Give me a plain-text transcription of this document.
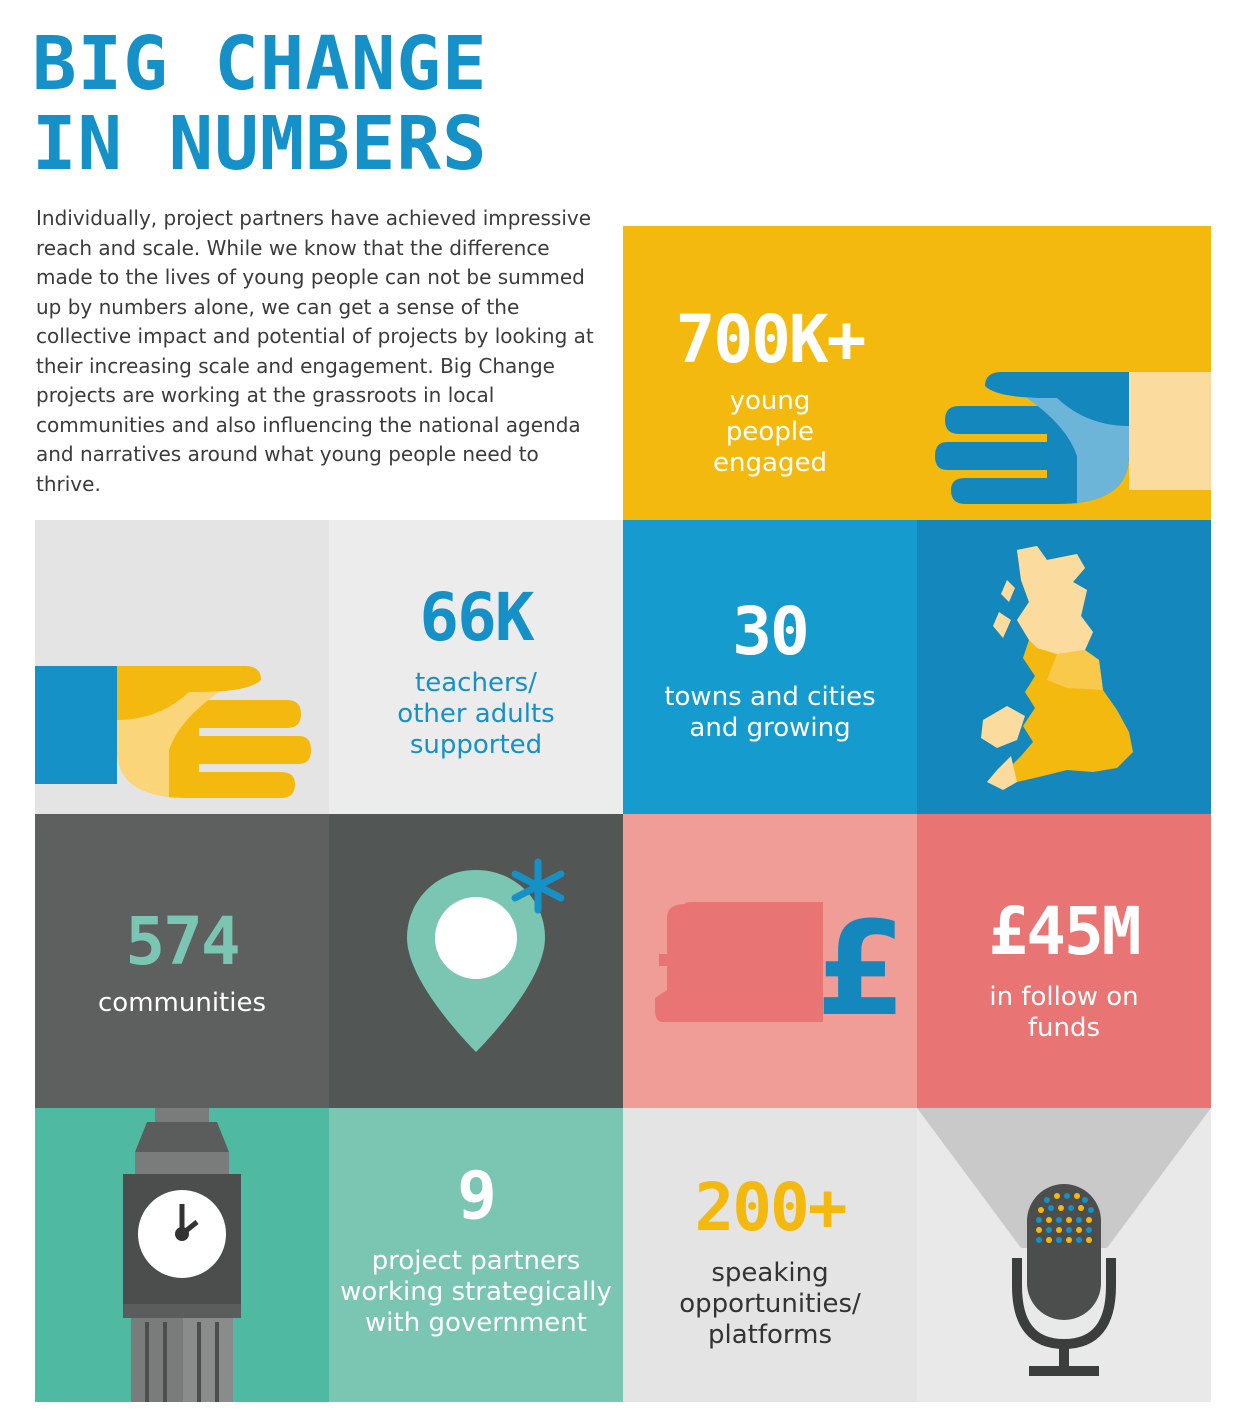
BIG CHANGE
IN NUMBERS

Individually, project partners have achieved impressive reach and scale. While we know that the difference made to the lives of young people can not be summed up by numbers alone, we can get a sense of the collective impact and potential of projects by looking at their increasing scale and engagement. Big Change projects are working at the grassroots in local communities and also influencing the national agenda and narratives around what young people need to thrive.

700K+
young people engaged
66K
teachers/ other adults supported
30
towns and cities and growing
574
communities	£	£45M
in follow on funds
9
project partners working strategically with government
200+
speaking opportunities/ platforms
